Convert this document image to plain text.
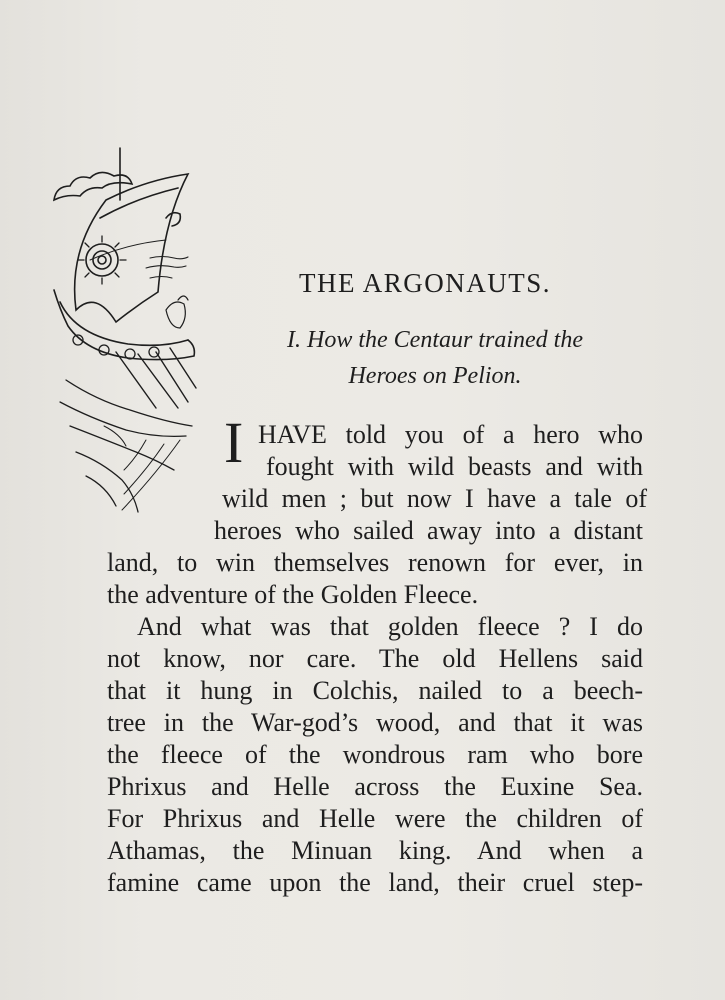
THE ARGONAUTS.
I. How the Centaur trained the
Heroes on Pelion.
I HAVE told you of a hero who
fought with wild beasts and with
wild men ; but now I have a tale of
heroes who sailed away into a distant
land, to win themselves renown for ever, in
the adventure of the Golden Fleece.
And what was that golden fleece ? I do
not know, nor care. The old Hellens said
that it hung in Colchis, nailed to a beech-
tree in the War-god’s wood, and that it was
the fleece of the wondrous ram who bore
Phrixus and Helle across the Euxine Sea.
For Phrixus and Helle were the children of
Athamas, the Minuan king. And when a
famine came upon the land, their cruel step-
